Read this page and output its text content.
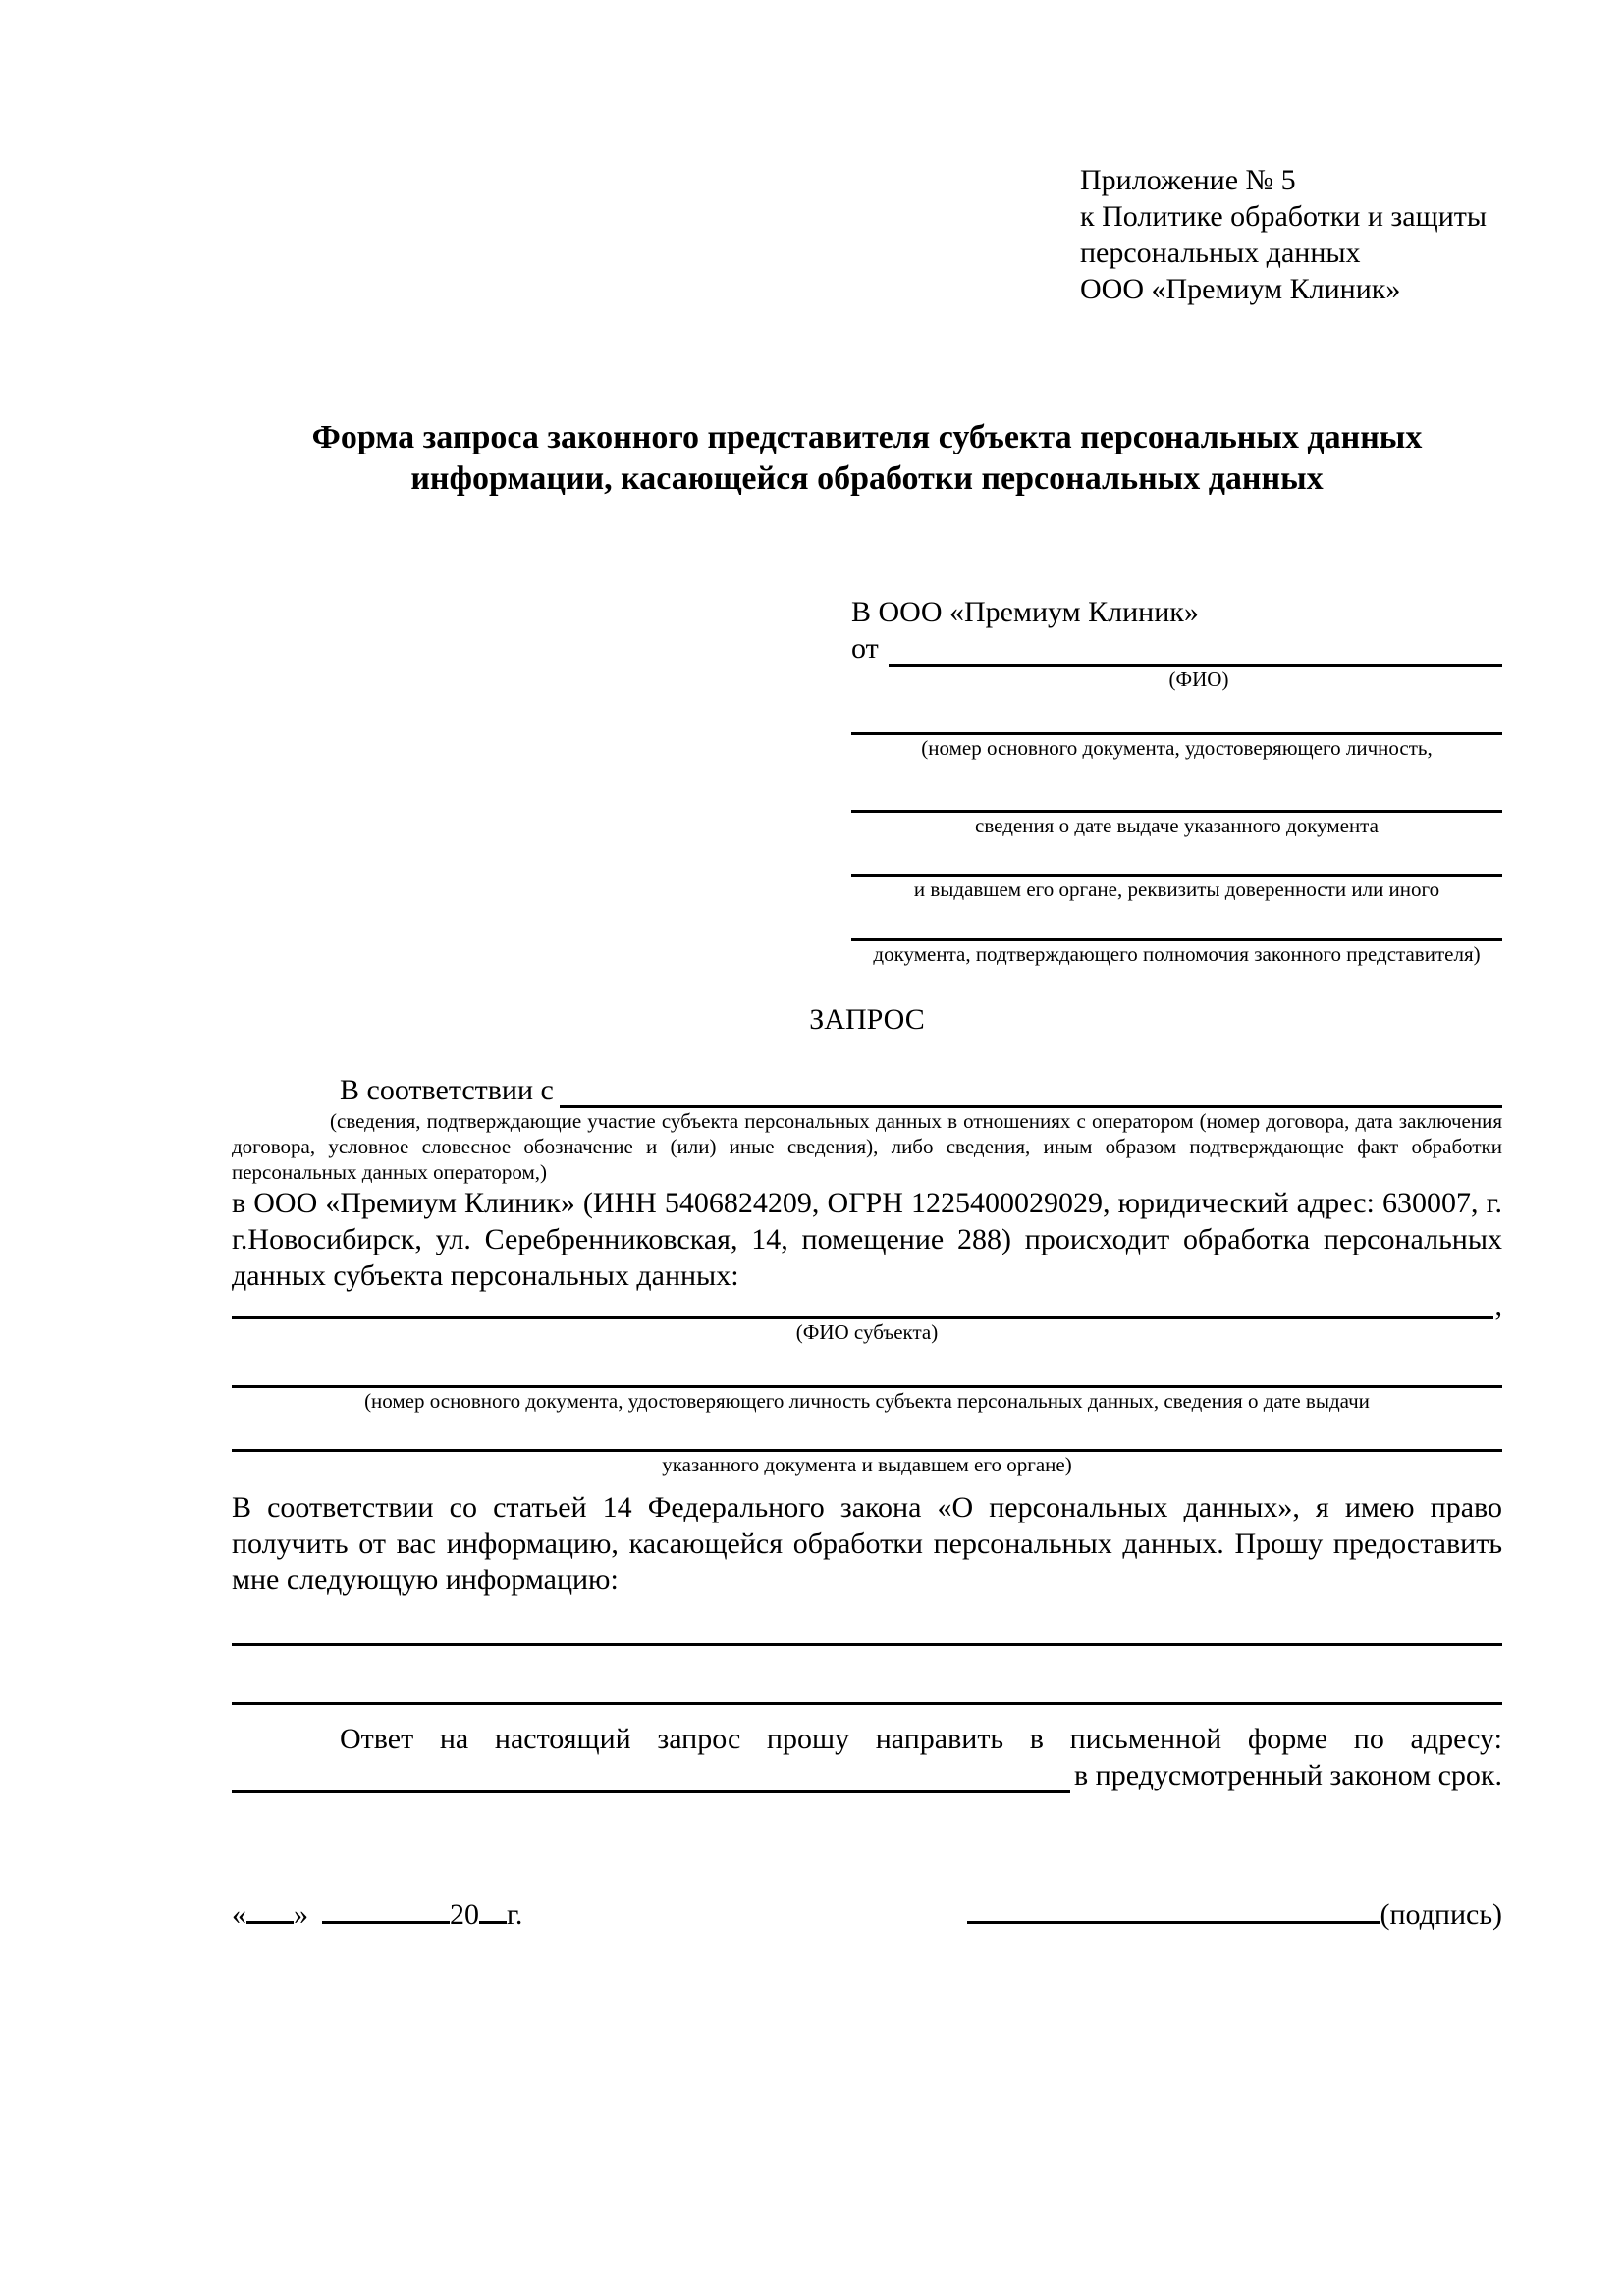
Приложение № 5
к Политике обработки и защиты
персональных данных
ООО «Премиум Клиник»
Форма запроса законного представителя субъекта персональных данных информации, касающейся обработки персональных данных
В ООО «Премиум Клиник»
от
(ФИО)
(номер основного документа, удостоверяющего личность,
сведения о дате выдаче указанного документа
и выдавшем его органе, реквизиты доверенности или иного
документа, подтверждающего полномочия законного представителя)
ЗАПРОС
В соответствии с
(сведения, подтверждающие участие субъекта персональных данных в отношениях с оператором (номер договора, дата заключения договора, условное словесное обозначение и (или) иные сведения), либо сведения, иным образом подтверждающие факт обработки персональных данных оператором,)

в ООО «Премиум Клиник» (ИНН 5406824209, ОГРН 1225400029029, юридический адрес: 630007, г. г.Новосибирск, ул. Серебренниковская, 14, помещение 288) происходит обработка персональных данных субъекта персональных данных:

,
(ФИО субъекта)
(номер основного документа, удостоверяющего личность субъекта персональных данных, сведения о дате выдачи
указанного документа и выдавшем его органе)

В соответствии со статьей 14 Федерального закона «О персональных данных», я имею право получить от вас информацию, касающейся обработки персональных данных. Прошу предоставить мне следующую информацию:

Ответ на настоящий запрос прошу направить в письменной форме по адресу:

в предусмотренный законом срок.
« »	20 г.	(подпись)
